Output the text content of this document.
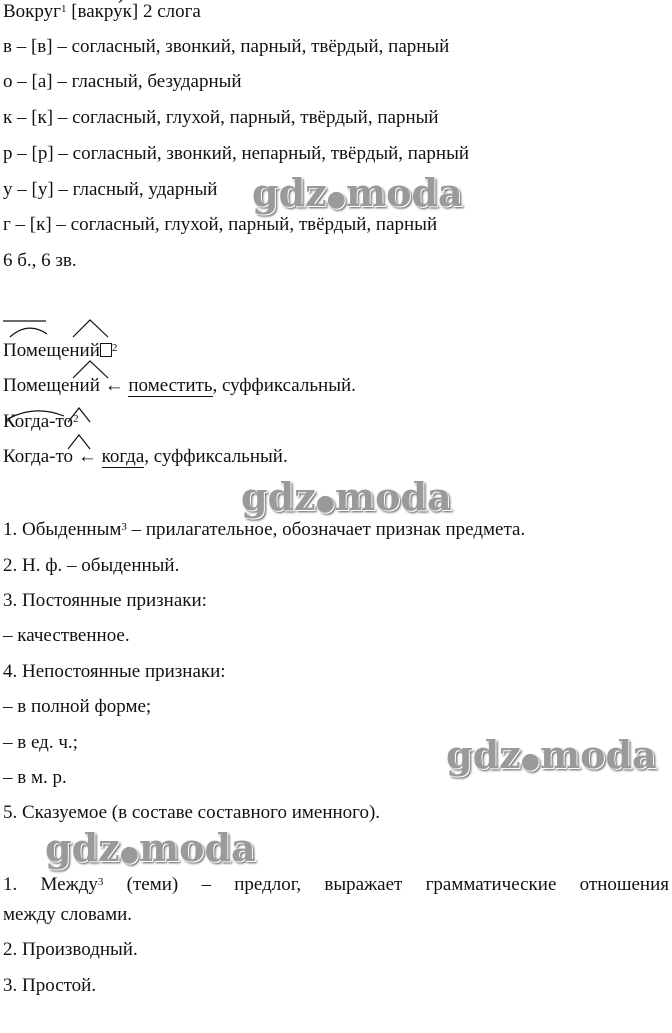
Вокруг$^1$ [вакру́к] 2 слога
в – [в] – согласный, звонкий, парный, твёрдый, парный
о – [а] – гласный, безударный
к – [к] – согласный, глухой, парный, твёрдый, парный
р – [р] – согласный, звонкий, непарный, твёрдый, парный
у – [у] – гласный, ударный
г – [к] – согласный, глухой, парный, твёрдый, парный
6 б., 6 зв.
Помещений $^2$
Помещений ← поместить, суффиксальный.
Когда-$то^2$
Когда-то ← когда, суффиксальный.
1. Обыденным$^3$ – прилагательное, обозначает признак предмета.
2. Н. ф. – обыденный.
3. Постоянные признаки:
– качественное.
4. Непостоянные признаки:
– в полной форме;
– в ед. ч.;
– в м. р.
5. Сказуемое (в составе составного именного).
1. Между$^3$ (теми) – предлог, выражает грамматические отношения
между словами.
2. Производный.
3. Простой.
gdz●moda
gdz●moda
gdz●moda
gdz●moda
